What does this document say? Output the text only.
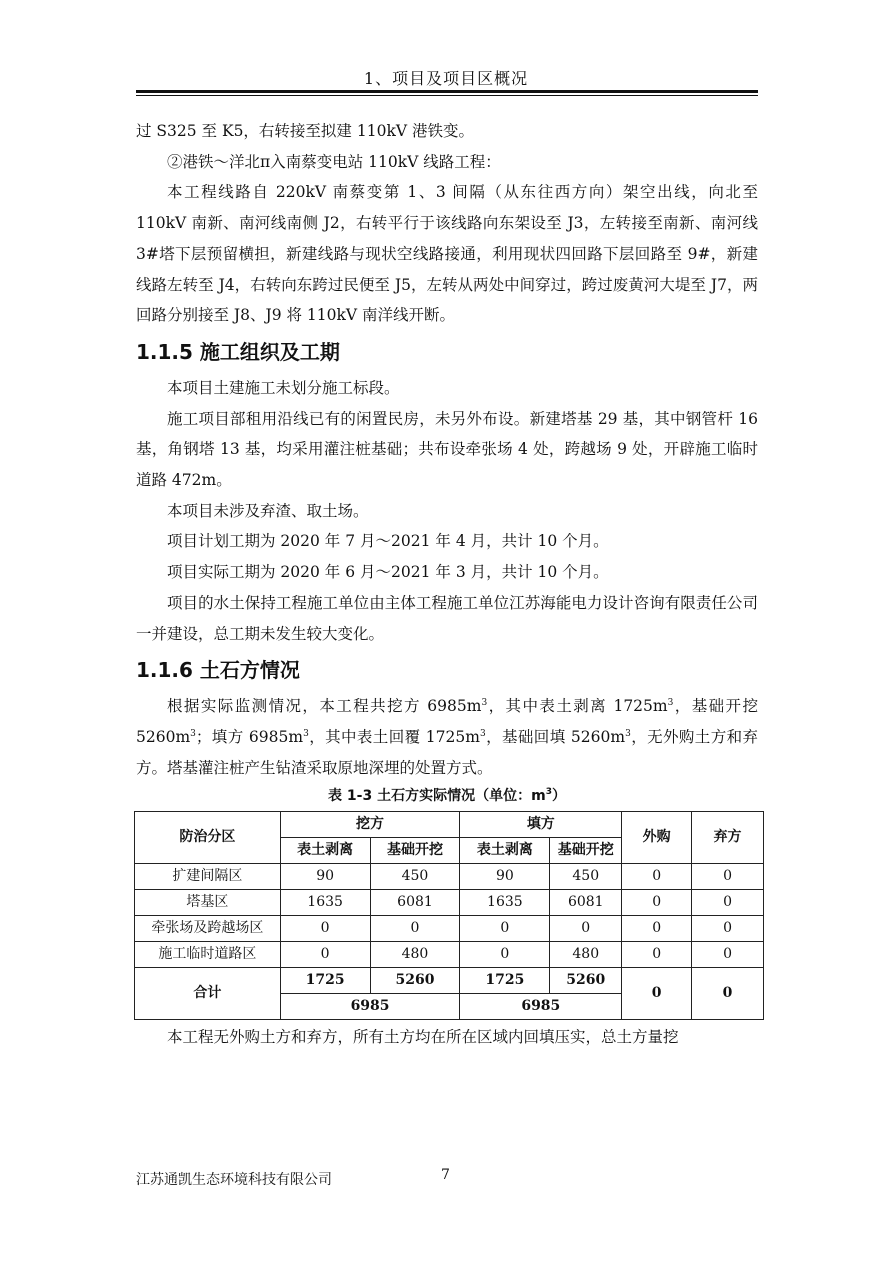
1、项目及项目区概况

过 S325 至 K5，右转接至拟建 110kV 港铁变。

②港铁～洋北π入南蔡变电站 110kV 线路工程：

本工程线路自 220kV 南蔡变第 1、3 间隔（从东往西方向）架空出线，向北至 110kV 南新、南河线南侧 J2，右转平行于该线路向东架设至 J3，左转接至南新、南河线 3#塔下层预留横担，新建线路与现状空线路接通，利用现状四回路下层回路至 9#，新建线路左转至 J4，右转向东跨过民便至 J5，左转从两处中间穿过，跨过废黄河大堤至 J7，两回路分别接至 J8、J9 将 110kV 南洋线开断。

1.1.5 施工组织及工期

本项目土建施工未划分施工标段。

施工项目部租用沿线已有的闲置民房，未另外布设。新建塔基 29 基，其中钢管杆 16 基，角钢塔 13 基，均采用灌注桩基础；共布设牵张场 4 处，跨越场 9 处，开辟施工临时道路 472m。

本项目未涉及弃渣、取土场。

项目计划工期为 2020 年 7 月～2021 年 4 月，共计 10 个月。

项目实际工期为 2020 年 6 月～2021 年 3 月，共计 10 个月。

项目的水土保持工程施工单位由主体工程施工单位江苏海能电力设计咨询有限责任公司一并建设，总工期未发生较大变化。

1.1.6 土石方情况

根据实际监测情况，本工程共挖方 $6985m^3$，其中表土剥离 $1725m^3$，基础开挖 $5260m^3$；填方 $6985m^3$，其中表土回覆 $1725m^3$，基础回填 $5260m^3$，无外购土方和弃方。塔基灌注桩产生钻渣采取原地深埋的处置方式。

表 1-3 土石方实际情况（单位：$m^3$）
防治分区	挖方		填方		外购	弃方
	表土剥离	基础开挖	表土剥离	基础开挖		
扩建间隔区	90	450	90	450	0	0
塔基区	1635	6081	1635	6081	0	0
牵张场及跨越场区	0	0	0	0	0	0
施工临时道路区	0	480	0	480	0	0
合计	1725	5260	1725	5260	0	0
	6985		6985			

本工程无外购土方和弃方，所有土方均在所在区域内回填压实，总土方量挖

江苏通凯生态环境科技有限公司	7
